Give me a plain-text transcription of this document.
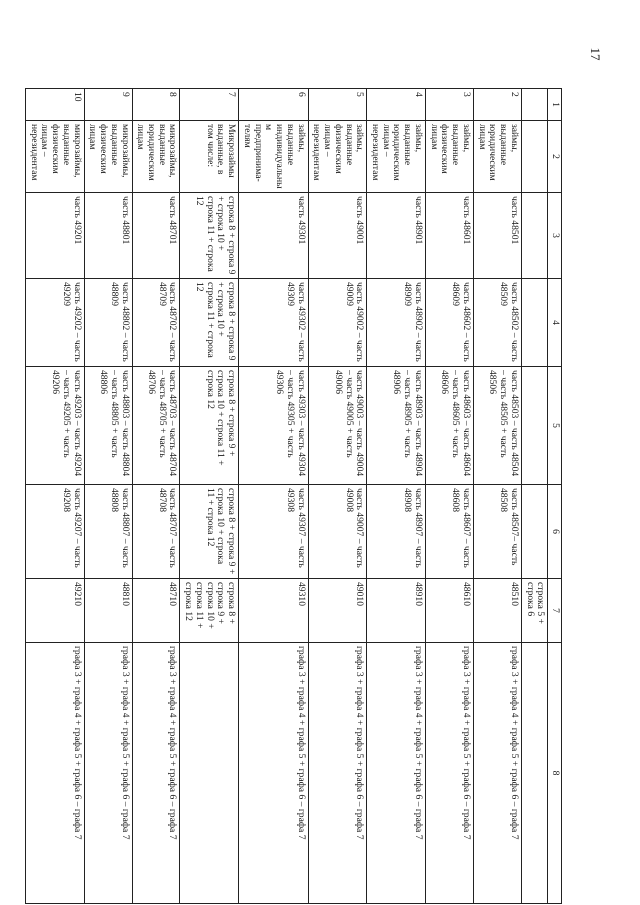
17
1	2	3	4	5	6	7	8
						строка 5 + строка 6	
2	займы, выданные юридическим лицам	часть 48501	часть 48502 – часть 48509	часть 48503 – часть 48504 – часть 48505 + часть 48506	часть 48507– часть 48508	48510	графа 3 + графа 4 + графа 5 + графа 6 – графа 7
3	займы, выданные физическим лицам	часть 48601	часть 48602 – часть 48609	часть 48603 – часть 48604 – часть 48605 + часть 48606	часть 48607 – часть 48608	48610	графа 3 + графа 4 + графа 5 + графа 6 – графа 7
4	займы, выданные юридическим лицам – нерезидентам	часть 48901	часть 48902 – часть 48909	часть 48903 – часть 48904 – часть 48905 + часть 48906	часть 48907 – часть 48908	48910	графа 3 + графа 4 + графа 5 + графа 6 – графа 7
5	займы, выданные физическим лицам – нерезидентам	часть 49001	часть 49002 – часть 49009	часть 49003 – часть 49004 – часть 49005 + часть 49006	часть 49007 – часть 49008	49010	графа 3 + графа 4 + графа 5 + графа 6 – графа 7
6	займы, выданные индивидуальным предпринима-телям	часть 49301	часть 49302 – часть 49309	часть 49303 – часть 49304 – часть 49305 + часть 49306	часть 49307 – часть 49308	49310	графа 3 + графа 4 + графа 5 + графа 6 – графа 7
7	Микрозаймы выданные, в том числе:	строка 8 + строка 9 + строка 10 + строка 11 + строка 12	строка 8 + строка 9 + строка 10 + строка 11 + строка 12	строка 8 + строка 9 + строка 10 + строка 11 + строка 12	строка 8 + строка 9 + строка 10 + строка 11 + строка 12	строка 8 + строка 9 + строка 10 + строка 11 + строка 12	
8	микрозаймы, выданные юридическим лицам	часть 48701	часть 48702 – часть 48709	часть 48703 – часть 48704 – часть 48705 + часть 48706	часть 48707 – часть 48708	48710	графа 3 + графа 4 + графа 5 + графа 6 – графа 7
9	микрозаймы, выданные физическим лицам	часть 48801	часть 48802 – часть 48809	часть 48803 – часть 48804 – часть 48805 + часть 48806	часть 48807 – часть 48808	48810	графа 3 + графа 4 + графа 5 + графа 6 – графа 7
10	микрозаймы, выданные физическим лицам – нерезидентам	часть 49201	часть 49202 – часть 49209	часть 49203 – часть 49204 – часть 49205 + часть 49206	часть 49207 – часть 49208	49210	графа 3 + графа 4 + графа 5 + графа 6 – графа 7
